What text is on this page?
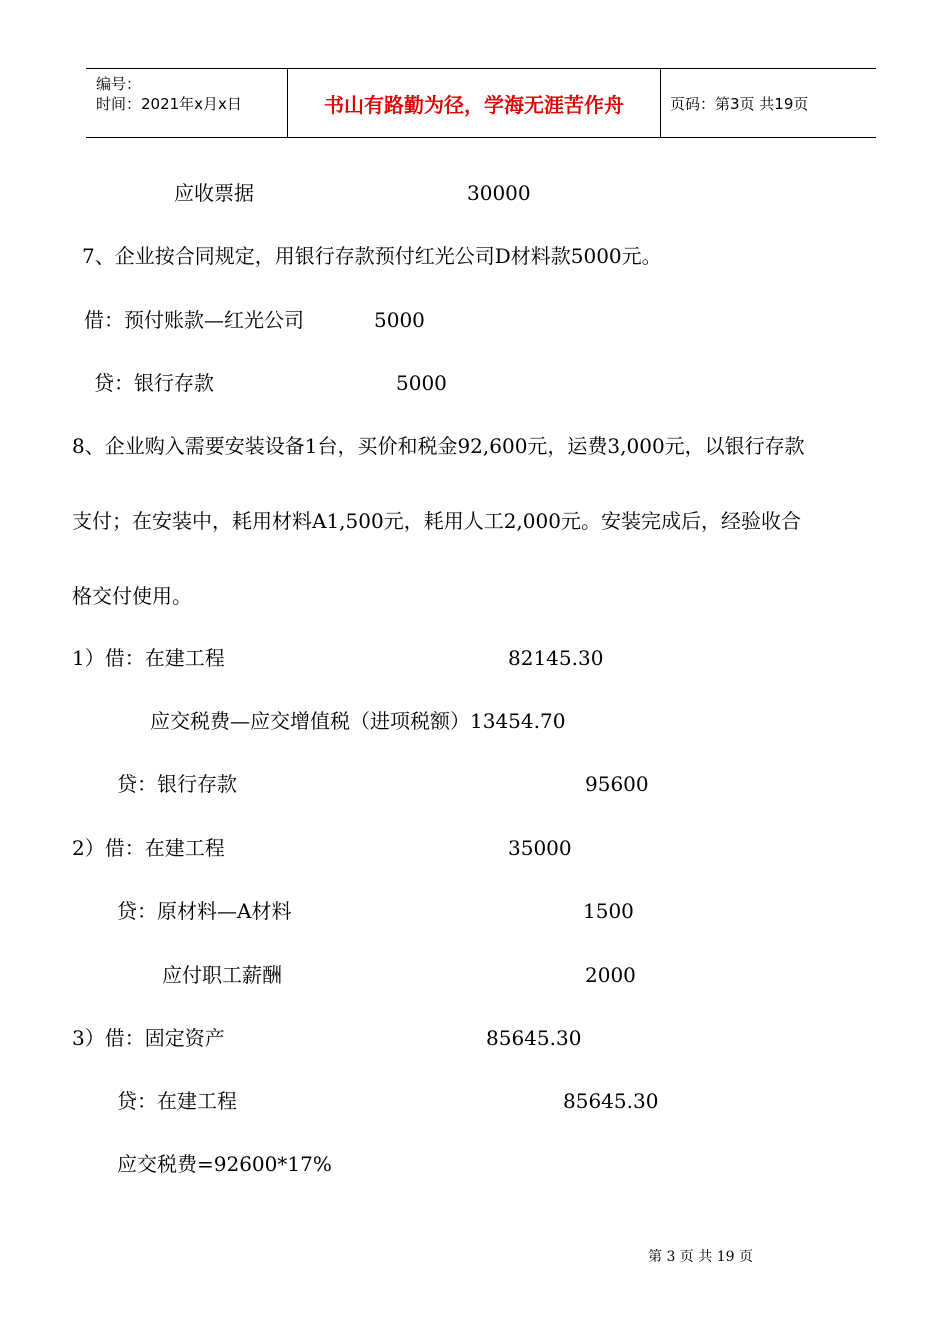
编号：
时间：2021年x月x日	书山有路勤为径，学海无涯苦作舟	页码：第3页 共19页
应收票据	30000
7、企业按合同规定，用银行存款预付红光公司D材料款5000元。
借：预付账款—红光公司	5000
贷：银行存款	5000
8、企业购入需要安装设备1台，买价和税金92,600元，运费3,000元，以银行存款
支付；在安装中，耗用材料A1,500元，耗用人工2,000元。安装完成后，经验收合
格交付使用。
1）借：在建工程	82145.30
应交税费—应交增值税（进项税额）13454.70
贷：银行存款	95600
2）借：在建工程	35000
贷：原材料—A材料	1500
应付职工薪酬	2000
3）借：固定资产	85645.30
贷：在建工程	85645.30
应交税费=92600*17%
第 3 页 共 19 页
